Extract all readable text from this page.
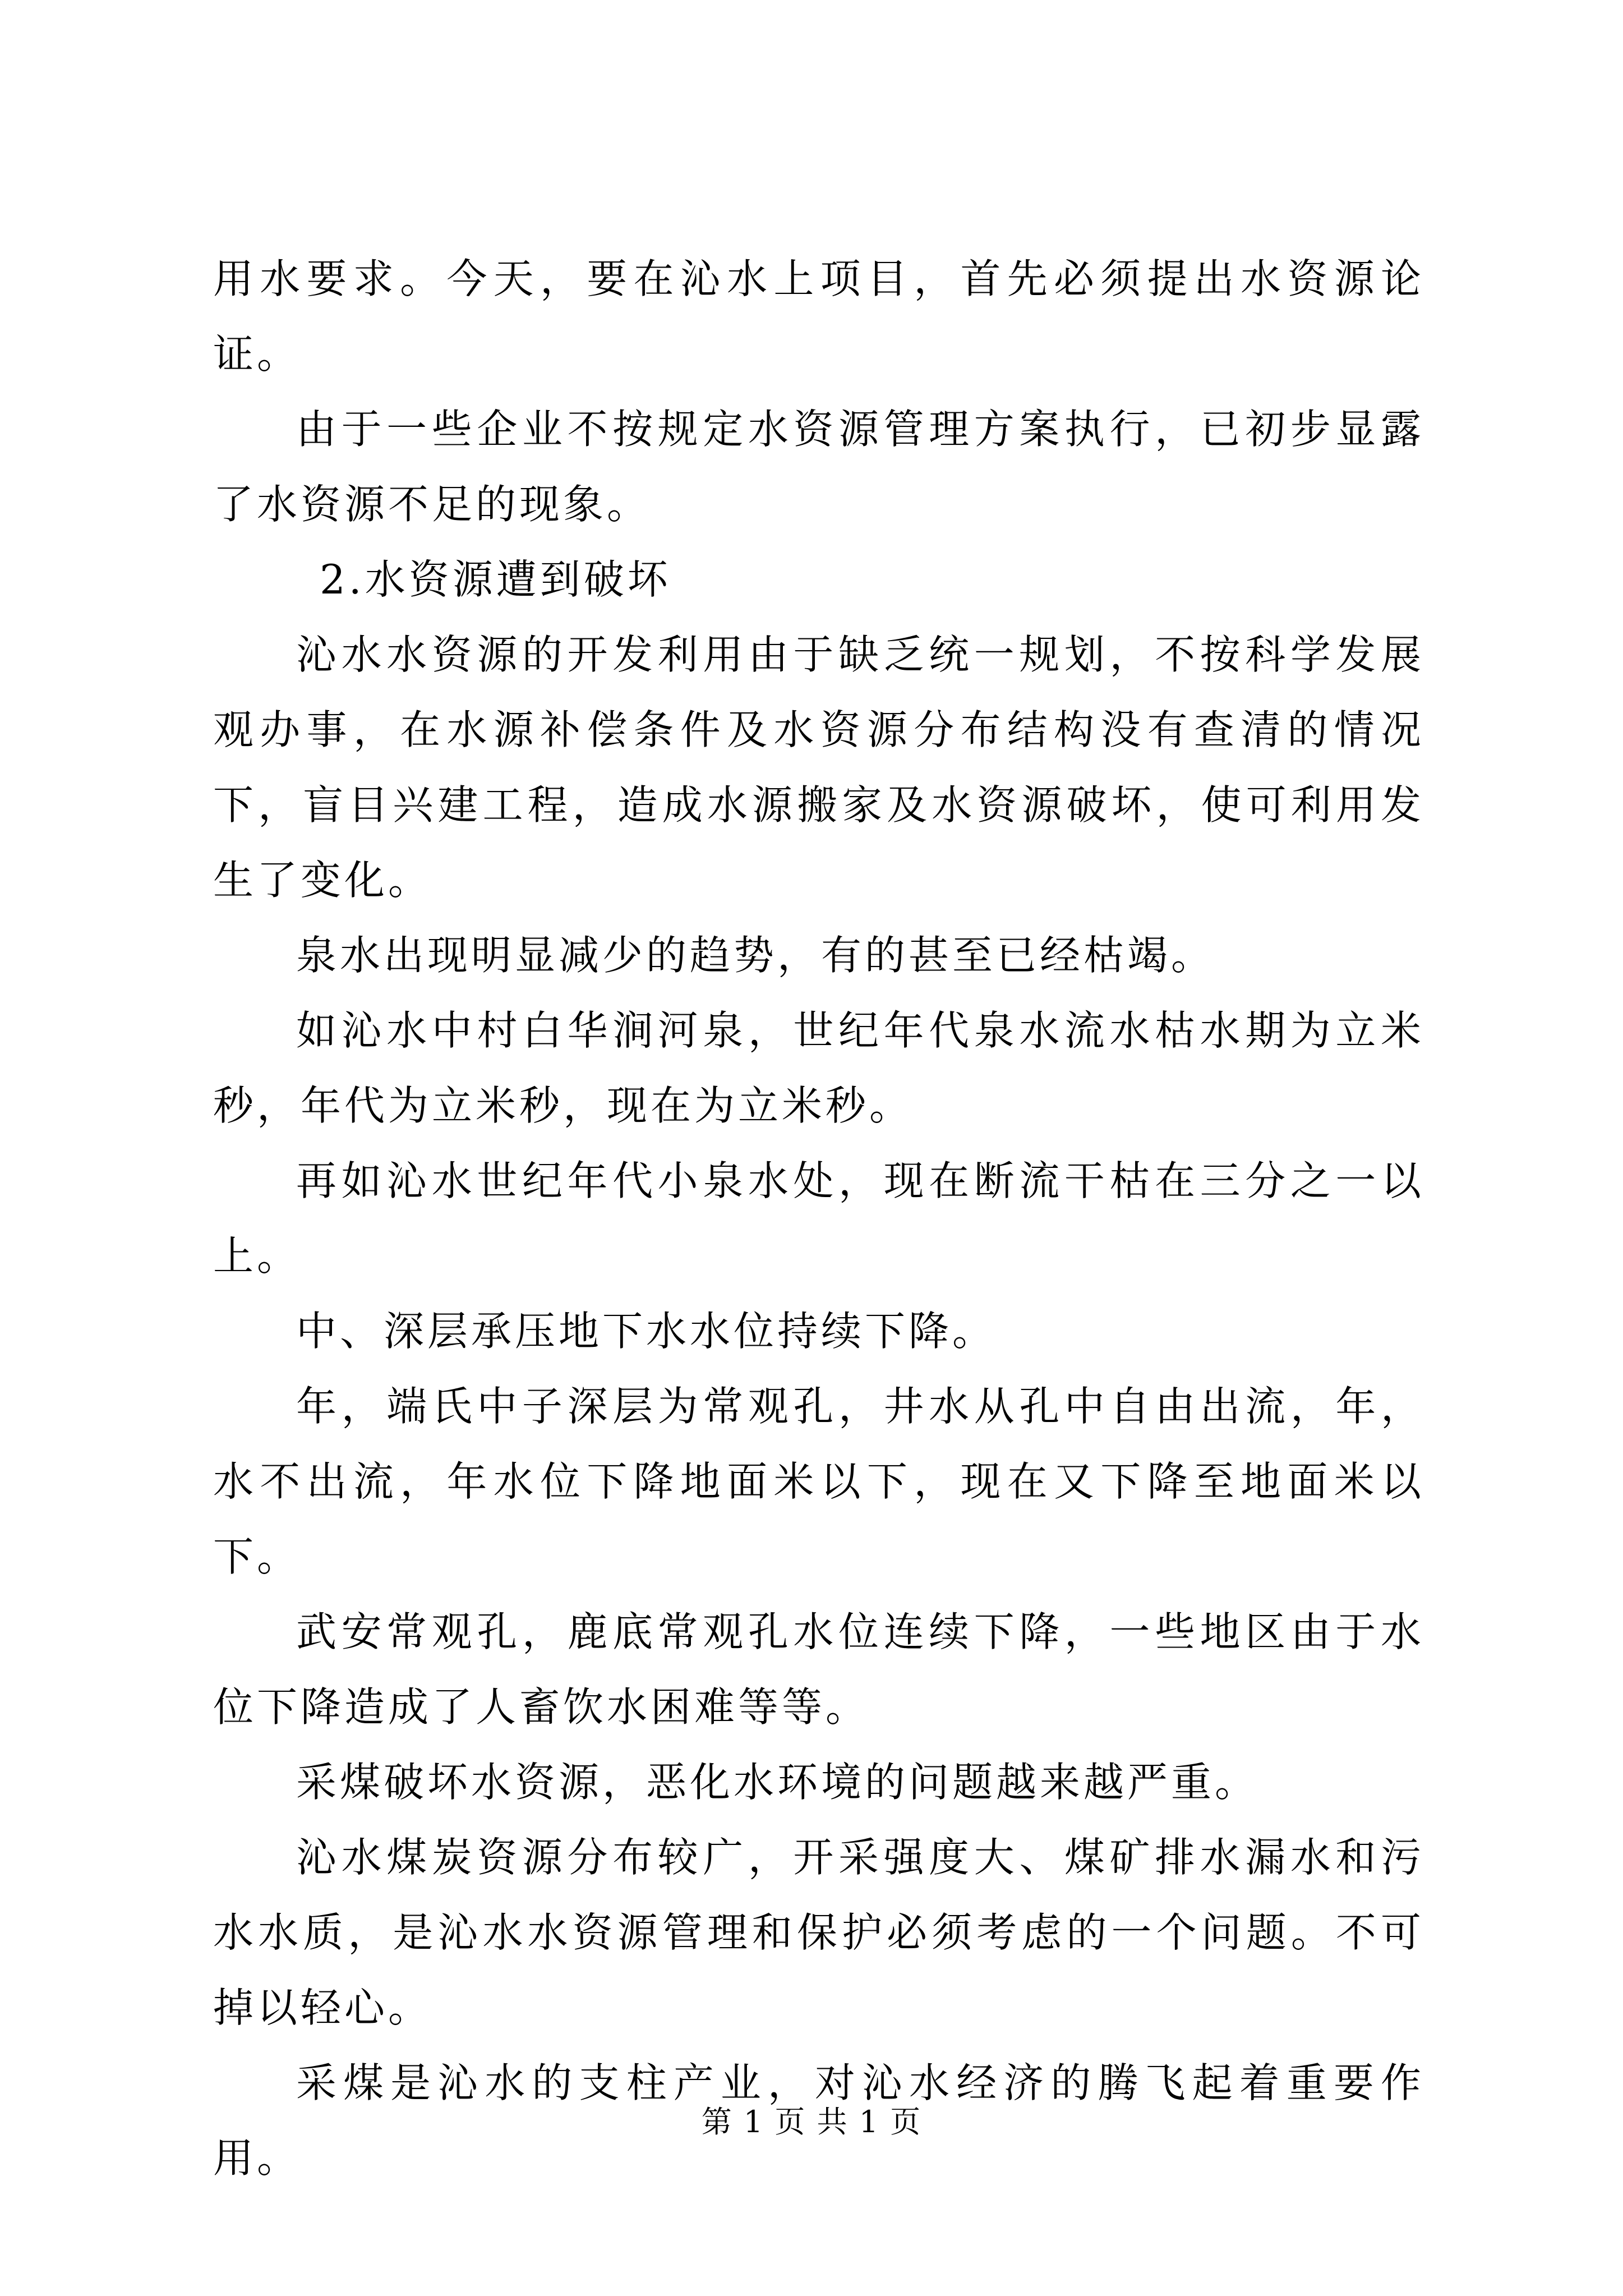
用水要求。今天，要在沁水上项目，首先必须提出水资源论证。

由于一些企业不按规定水资源管理方案执行，已初步显露了水资源不足的现象。

2.水资源遭到破坏

沁水水资源的开发利用由于缺乏统一规划，不按科学发展观办事，在水源补偿条件及水资源分布结构没有查清的情况下，盲目兴建工程，造成水源搬家及水资源破坏，使可利用发生了变化。

泉水出现明显减少的趋势，有的甚至已经枯竭。

如沁水中村白华涧河泉，世纪年代泉水流水枯水期为立米秒，年代为立米秒，现在为立米秒。

再如沁水世纪年代小泉水处，现在断流干枯在三分之一以上。

中、深层承压地下水水位持续下降。

年，端氏中子深层为常观孔，井水从孔中自由出流，年，水不出流，年水位下降地面米以下，现在又下降至地面米以下。

武安常观孔，鹿底常观孔水位连续下降，一些地区由于水位下降造成了人畜饮水困难等等。

采煤破坏水资源，恶化水环境的问题越来越严重。

沁水煤炭资源分布较广，开采强度大、煤矿排水漏水和污水水质，是沁水水资源管理和保护必须考虑的一个问题。不可掉以轻心。

采煤是沁水的支柱产业，对沁水经济的腾飞起着重要作用。

第 1 页 共 1 页
